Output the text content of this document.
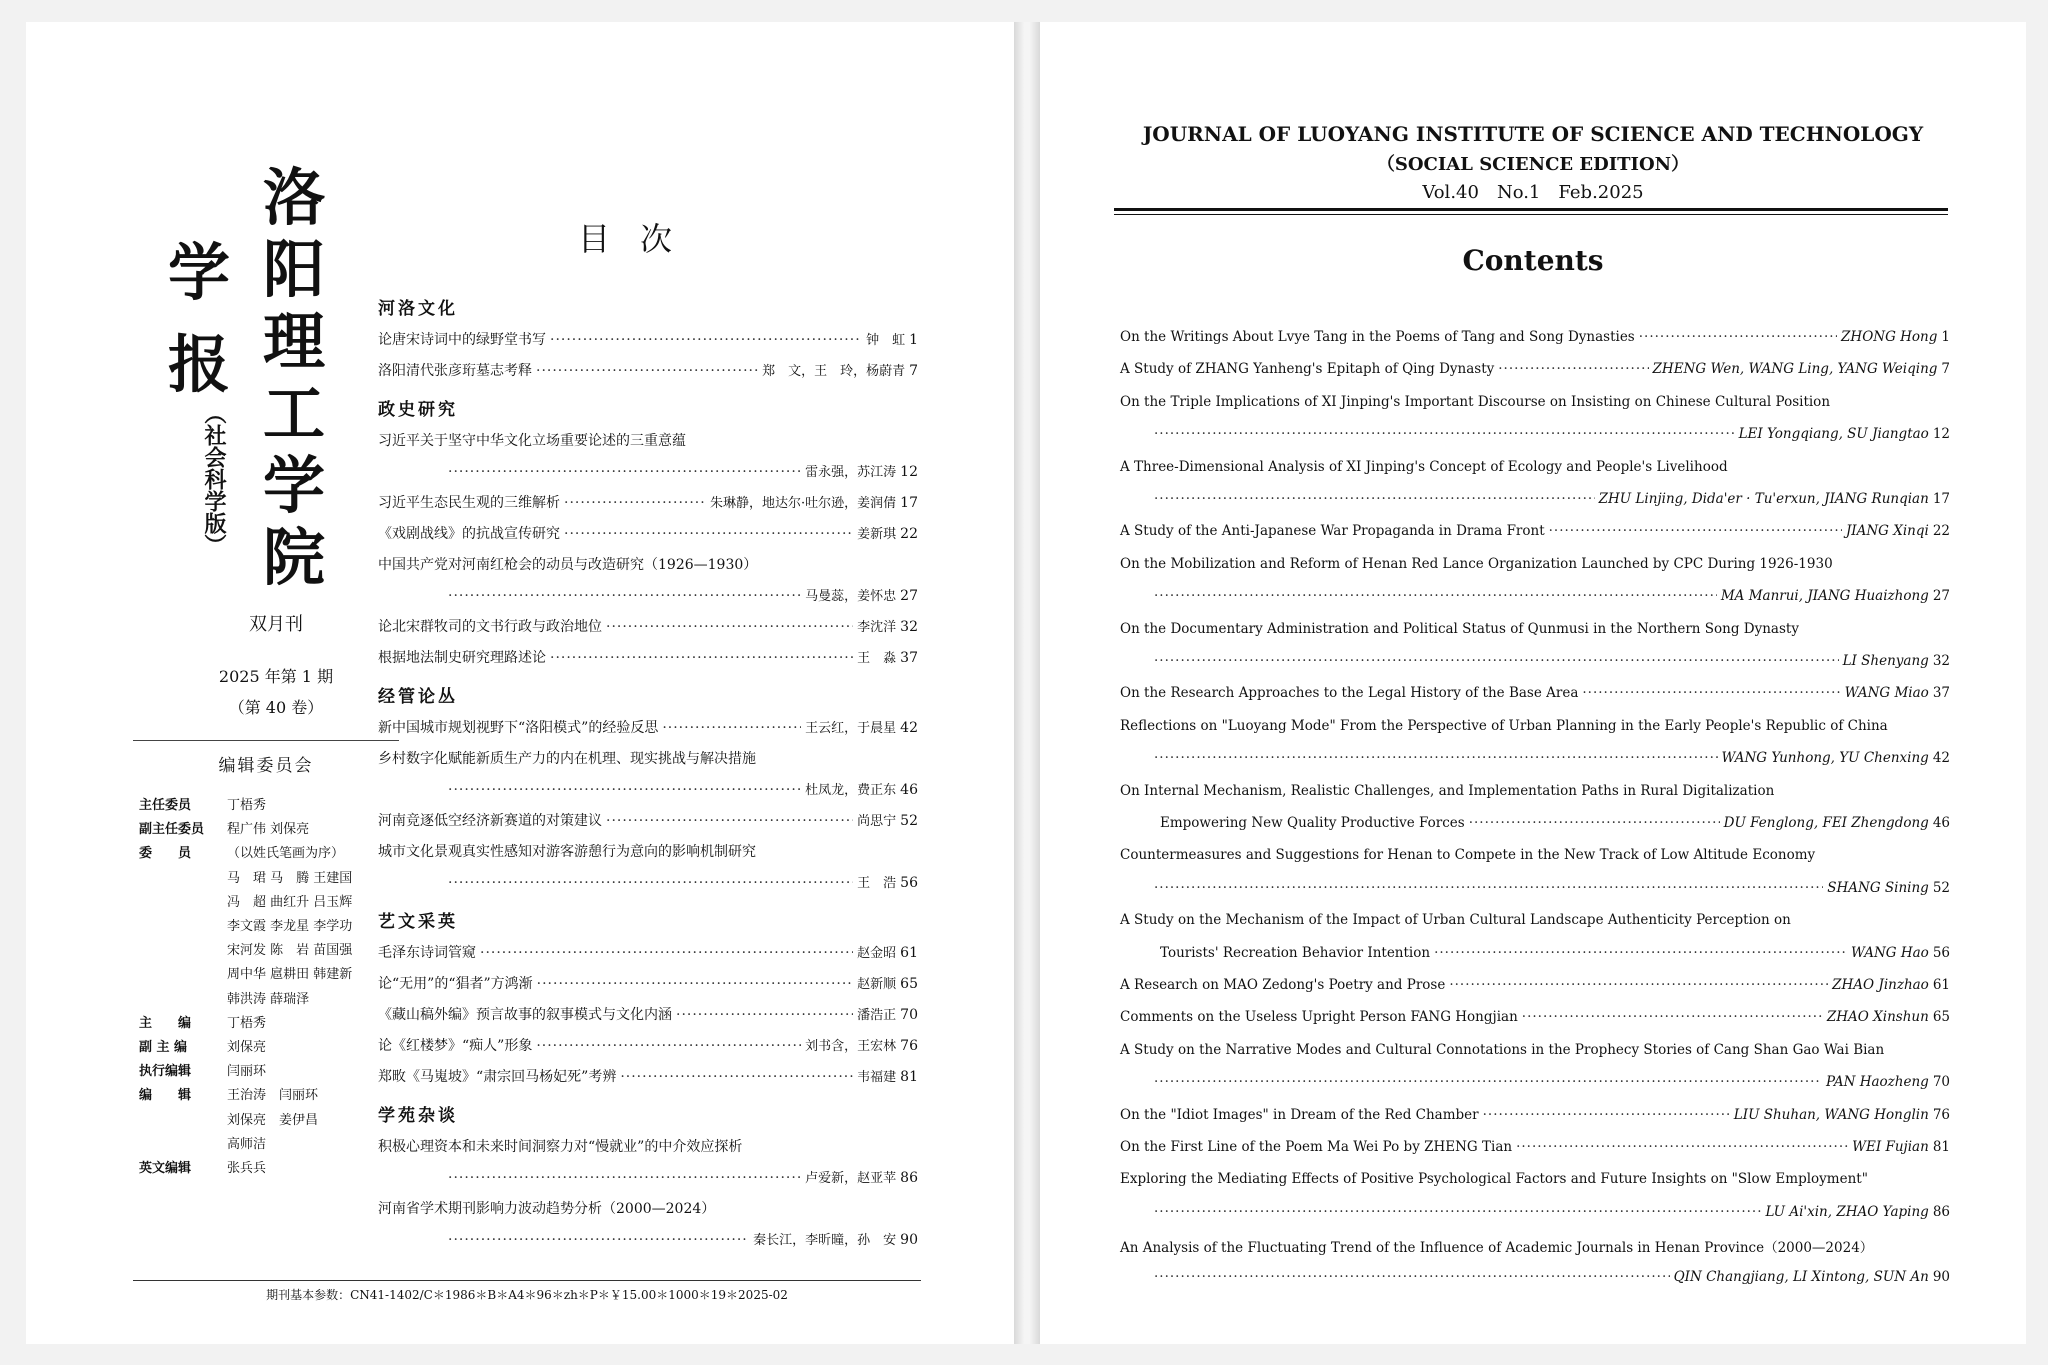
洛
阳
理
工
学
院
学
报
（社会科学版）
双月刊
2025 年第 1 期
（第 40 卷）
编辑委员会
主任委员	丁梧秀
副主任委员	程广伟 刘保亮
委　　员	（以姓氏笔画为序）
马　珺 马　腾 王建国
冯　超 曲红升 吕玉辉
李文霞 李龙星 李学功
宋河发 陈　岩 苗国强
周中华 扈耕田 韩建新
韩洪涛 薛瑞泽
主　　编	丁梧秀
副 主 编	刘保亮
执行编辑	闫丽环
编　　辑	王治涛　闫丽环
刘保亮　姜伊昌
高师洁
英文编辑	张兵兵
目次
河洛文化
论唐宋诗词中的绿野堂书写 ·····	钟　虹 1
洛阳清代张彦珩墓志考释 ·····	郑　文，王　玲，杨蔚青 7
政史研究
习近平关于坚守中华文化立场重要论述的三重意蕴
·····
雷永强，苏江涛 12
习近平生态民生观的三维解析 ·····	朱琳静，地达尔·吐尔逊，姜润倩 17
《戏剧战线》的抗战宣传研究 ·····	姜新琪 22
中国共产党对河南红枪会的动员与改造研究（1926—1930）
·····
马曼蕊，姜怀忠 27
论北宋群牧司的文书行政与政治地位 ·····	李沈洋 32
根据地法制史研究理路述论 ·····	王　淼 37
经管论丛
新中国城市规划视野下“洛阳模式”的经验反思 ·····	王云红，于晨星 42
乡村数字化赋能新质生产力的内在机理、现实挑战与解决措施
·····
杜凤龙，费正东 46
河南竞逐低空经济新赛道的对策建议 ·····	尚思宁 52
城市文化景观真实性感知对游客游憩行为意向的影响机制研究
·····
王　浩 56
艺文采英
毛泽东诗词管窥 ·····	赵金昭 61
论“无用”的“猖者”方鸿渐 ·····	赵新顺 65
《藏山稿外编》预言故事的叙事模式与文化内涵 ·····	潘浩正 70
论《红楼梦》“痴人”形象 ·····	刘书含，王宏林 76
郑畋《马嵬坡》“肃宗回马杨妃死”考辨 ·····	韦福建 81
学苑杂谈
积极心理资本和未来时间洞察力对“慢就业”的中介效应探析
·····
卢爱新，赵亚苹 86
河南省学术期刊影响力波动趋势分析（2000—2024）
·····
秦长江，李昕曈，孙　安 90
期刊基本参数：CN41-1402/C＊1986＊B＊A4＊96＊zh＊P＊￥15.00＊1000＊19＊2025-02
JOURNAL OF LUOYANG INSTITUTE OF SCIENCE AND TECHNOLOGY
（SOCIAL SCIENCE EDITION）
Vol.40　No.1　Feb.2025
Contents
On the Writings About Lvye Tang in the Poems of Tang and Song Dynasties ·····	ZHONG Hong 1
A Study of ZHANG Yanheng's Epitaph of Qing Dynasty ·····	ZHENG Wen, WANG Ling, YANG Weiqing 7
On the Triple Implications of XI Jinping's Important Discourse on Insisting on Chinese Cultural Position
·····
LEI Yongqiang, SU Jiangtao 12
A Three-Dimensional Analysis of XI Jinping's Concept of Ecology and People's Livelihood
·····
ZHU Linjing, Dida'er · Tu'erxun, JIANG Runqian 17
A Study of the Anti-Japanese War Propaganda in Drama Front ·····	JIANG Xinqi 22
On the Mobilization and Reform of Henan Red Lance Organization Launched by CPC During 1926-1930
·····
MA Manrui, JIANG Huaizhong 27
On the Documentary Administration and Political Status of Qunmusi in the Northern Song Dynasty
·····
LI Shenyang 32
On the Research Approaches to the Legal History of the Base Area ·····	WANG Miao 37
Reflections on "Luoyang Mode" From the Perspective of Urban Planning in the Early People's Republic of China
·····
WANG Yunhong, YU Chenxing 42
On Internal Mechanism, Realistic Challenges, and Implementation Paths in Rural Digitalization
Empowering New Quality Productive Forces ·····	DU Fenglong, FEI Zhengdong 46
Countermeasures and Suggestions for Henan to Compete in the New Track of Low Altitude Economy
·····
SHANG Sining 52
A Study on the Mechanism of the Impact of Urban Cultural Landscape Authenticity Perception on
Tourists' Recreation Behavior Intention ·····	WANG Hao 56
A Research on MAO Zedong's Poetry and Prose ·····	ZHAO Jinzhao 61
Comments on the Useless Upright Person FANG Hongjian ·····	ZHAO Xinshun 65
A Study on the Narrative Modes and Cultural Connotations in the Prophecy Stories of Cang Shan Gao Wai Bian
·····
PAN Haozheng 70
On the "Idiot Images" in Dream of the Red Chamber ·····	LIU Shuhan, WANG Honglin 76
On the First Line of the Poem Ma Wei Po by ZHENG Tian ·····	WEI Fujian 81
Exploring the Mediating Effects of Positive Psychological Factors and Future Insights on "Slow Employment"
·····
LU Ai'xin, ZHAO Yaping 86
An Analysis of the Fluctuating Trend of the Influence of Academic Journals in Henan Province（2000—2024）
·····
QIN Changjiang, LI Xintong, SUN An 90
